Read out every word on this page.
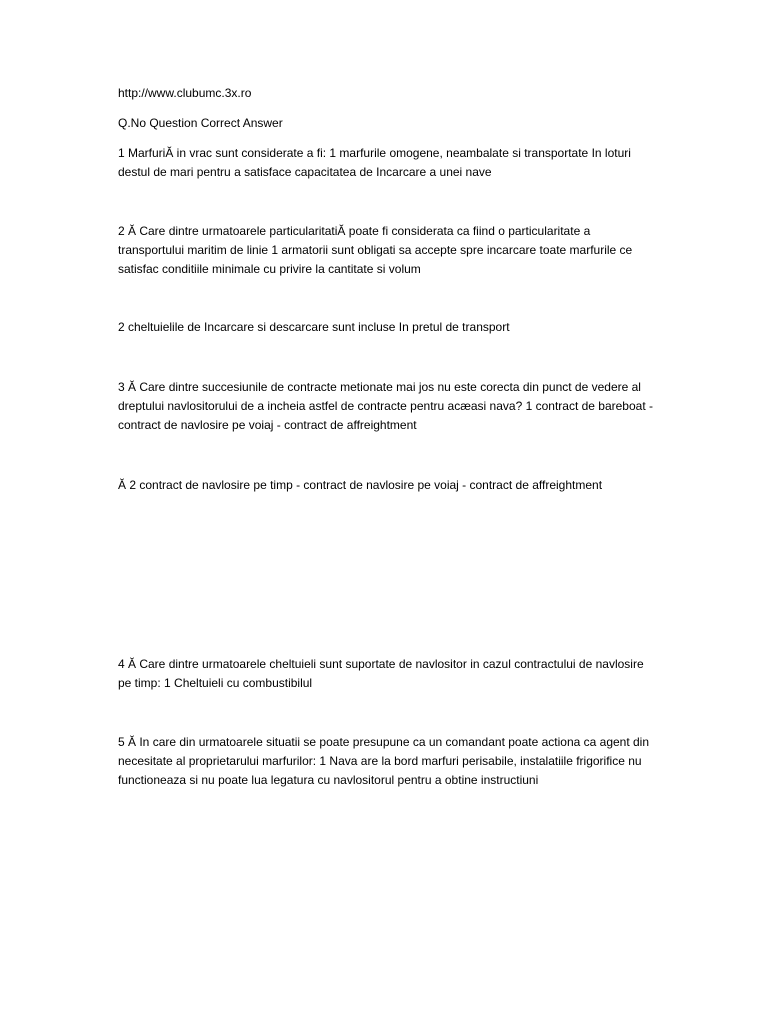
http://www.clubumc.3x.ro

Q.No Question Correct Answer

1 MarfuriĂ in vrac sunt considerate a fi: 1 marfurile omogene, neambalate si transportate In loturi destul de mari pentru a satisface capacitatea de Incarcare a unei nave

2 Ă Care dintre urmatoarele particularitatiĂ poate fi considerata ca fiind o particularitate a transportului maritim de linie 1 armatorii sunt obligati sa accepte spre incarcare toate marfurile ce satisfac conditiile minimale cu privire la cantitate si volum

2 cheltuielile de Incarcare si descarcare sunt incluse In pretul de transport

3 Ă Care dintre succesiunile de contracte metionate mai jos nu este corecta din punct de vedere al dreptului navlositorului de a incheia astfel de contracte pentru acæasi nava? 1 contract de bareboat - contract de navlosire pe voiaj - contract de affreightment

Ă 2 contract de navlosire pe timp - contract de navlosire pe voiaj - contract de affreightment

4 Ă Care dintre urmatoarele cheltuieli sunt suportate de navlositor in cazul contractului de navlosire pe timp: 1 Cheltuieli cu combustibilul

5 Ă In care din urmatoarele situatii se poate presupune ca un comandant poate actiona ca agent din necesitate al proprietarului marfurilor: 1 Nava are la bord marfuri perisabile, instalatiile frigorifice nu functioneaza si nu poate lua legatura cu navlositorul pentru a obtine instructiuni
